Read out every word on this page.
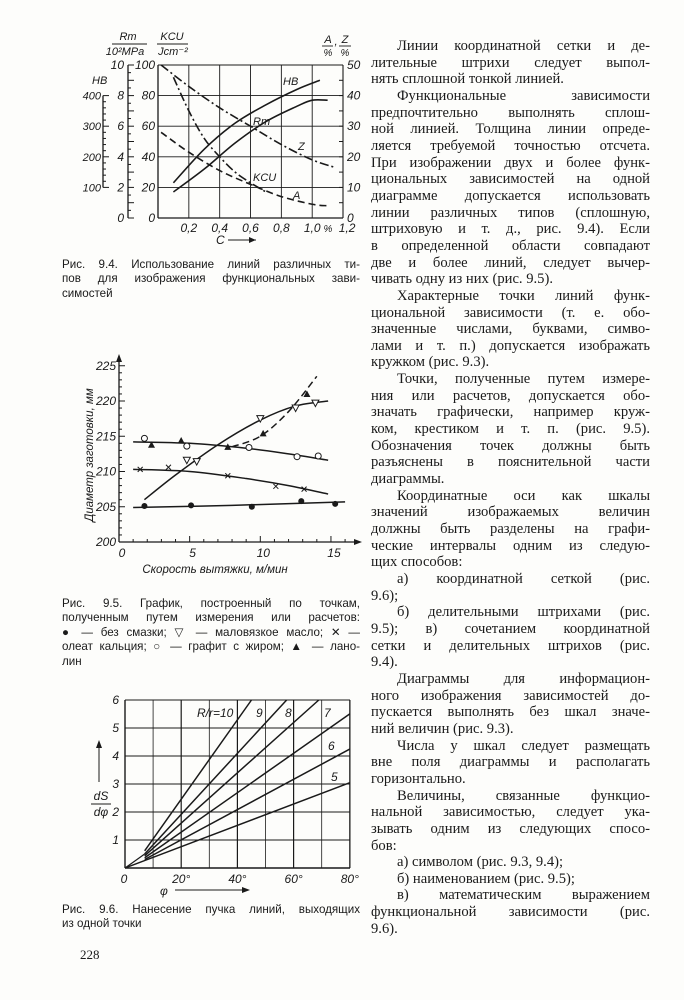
0
2
4
6
8
10
100
200
300
400
HB
0
20
40
60
80
100
0
10
20
30
40
50
Rm
10²MPa
KCU
Jcm⁻²
A , Z
% %
0,2 0,4 0,6 0,8 1,0 1,2
%
C
HB
Rm
Z
KCU
A
200
205
210
215
220
225
0	5	10	15
Скорость вытяжки, м/мин
Диаметр заготовки, мм
1
2
3
4
5
6
0	20°	40°	60°	80°
φ
dS
dφ
R/r=10 9 8	7
6
5
Рис. 9.4. Использование линий различных ти-
пов для изображения функциональных зави-
симостей
Рис. 9.5. График, построенный по точкам,
полученным путем измерения или расчетов:
● — без смазки; ▽ — маловязкое масло; ✕ —
олеат кальция; ○ — графит с жиром; ▲ — лано-
лин
Рис. 9.6. Нанесение пучка линий, выходящих
из одной точки
Линии координатной сетки и де-
лительные штрихи следует выпол-
нять сплошной тонкой линией.
Функциональные зависимости
предпочтительно выполнять сплош-
ной линией. Толщина линии опреде-
ляется требуемой точностью отсчета.
При изображении двух и более функ-
циональных зависимостей на одной
диаграмме допускается использовать
линии различных типов (сплошную,
штриховую и т. д., рис. 9.4). Если
в определенной области совпадают
две и более линий, следует вычер-
чивать одну из них (рис. 9.5).
Характерные точки линий функ-
циональной зависимости (т. е. обо-
значенные числами, буквами, симво-
лами и т. п.) допускается изображать
кружком (рис. 9.3).
Точки, полученные путем измере-
ния или расчетов, допускается обо-
значать графически, например круж-
ком, крестиком и т. п. (рис. 9.5).
Обозначения точек должны быть
разъяснены в пояснительной части
диаграммы.
Координатные оси как шкалы
значений изображаемых величин
должны быть разделены на графи-
ческие интервалы одним из следую-
щих способов:
а) координатной сеткой (рис.
9.6);
б) делительными штрихами (рис.
9.5); в) сочетанием координатной
сетки и делительных штрихов (рис.
9.4).
Диаграммы для информацион-
ного изображения зависимостей до-
пускается выполнять без шкал значе-
ний величин (рис. 9.3).
Числа у шкал следует размещать
вне поля диаграммы и располагать
горизонтально.
Величины, связанные функцио-
нальной зависимостью, следует ука-
зывать одним из следующих спосо-
бов:
а) символом (рис. 9.3, 9.4);
б) наименованием (рис. 9.5);
в) математическим выражением
функциональной зависимости (рис.
9.6).
228
